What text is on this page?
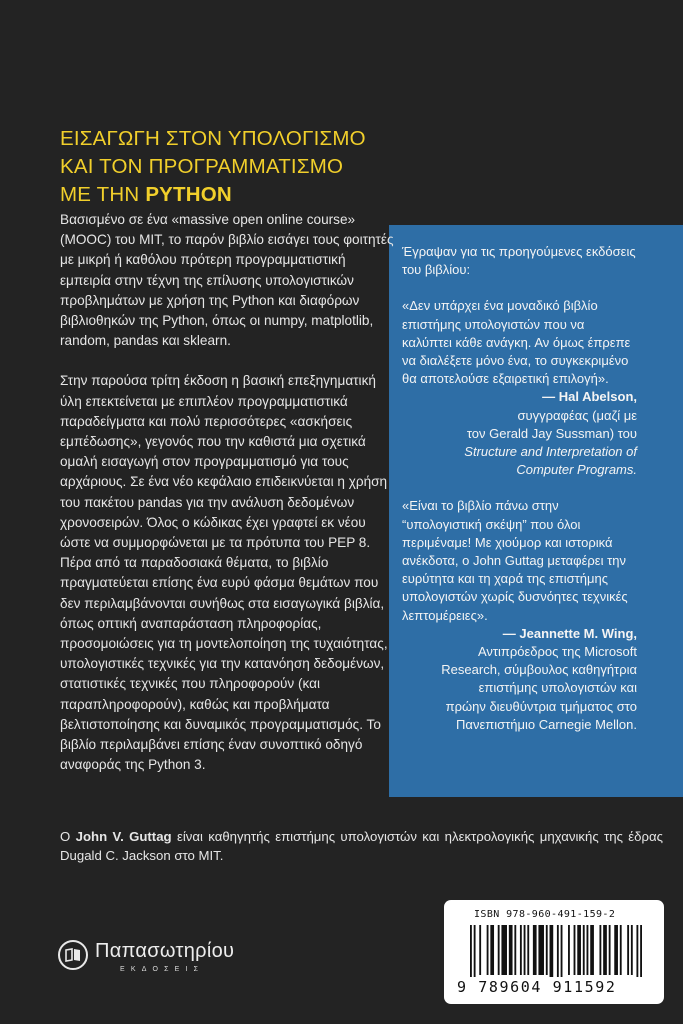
ΕΙΣΑΓΩΓΗ ΣΤΟΝ ΥΠΟΛΟΓΙΣΜΟ
ΚΑΙ ΤΟΝ ΠΡΟΓΡΑΜΜΑΤΙΣΜΟ
ΜΕ ΤΗΝ PYTHON

Έγραψαν για τις προηγούμενες εκδόσεις του βιβλίου:

«Δεν υπάρχει ένα μοναδικό βιβλίο επιστήμης υπολογιστών που να καλύπτει κάθε ανάγκη. Αν όμως έπρεπε να διαλέξετε μόνο ένα, το συγκεκριμένο θα αποτελούσε εξαιρετική επιλογή».

— Hal Abelson,
συγγραφέας (μαζί με
τον Gerald Jay Sussman) του
Structure and Interpretation of
Computer Programs.

«Είναι το βιβλίο πάνω στην “υπολογιστική σκέψη” που όλοι περιμέναμε! Με χιούμορ και ιστορικά ανέκδοτα, ο John Guttag μεταφέρει την ευρύτητα και τη χαρά της επιστήμης υπολογιστών χωρίς δυσνόητες τεχνικές λεπτομέρειες».

— Jeannette M. Wing,
Αντιπρόεδρος της Microsoft
Research, σύμβουλος καθηγήτρια
επιστήμης υπολογιστών και
πρώην διευθύντρια τμήματος στο
Πανεπιστήμιο Carnegie Mellon.

Βασισμένο σε ένα «massive open online course» (MOOC) του MIT, το παρόν βιβλίο εισάγει τους φοιτητές με μικρή ή καθόλου πρότερη προγραμματιστική εμπειρία στην τέχνη της επίλυσης υπολογιστικών προβλημάτων με χρήση της Python και διαφόρων βιβλιοθηκών της Python, όπως οι numpy, matplotlib, random, pandas και sklearn.

Στην παρούσα τρίτη έκδοση η βασική επεξηγηματική ύλη επεκτείνεται με επιπλέον προγραμματιστικά παραδείγματα και πολύ περισσότερες «ασκήσεις εμπέδωσης», γεγονός που την καθιστά μια σχετικά ομαλή εισαγωγή στον προγραμματισμό για τους αρχάριους. Σε ένα νέο κεφάλαιο επιδεικνύεται η χρήση του πακέτου pandas για την ανάλυση δεδομένων χρονοσειρών. Όλος ο κώδικας έχει γραφτεί εκ νέου ώστε να συμμορφώνεται με τα πρότυπα του PEP 8. Πέρα από τα παραδοσιακά θέματα, το βιβλίο πραγματεύεται επίσης ένα ευρύ φάσμα θεμάτων που δεν περιλαμβάνονται συνήθως στα εισαγωγικά βιβλία, όπως οπτική αναπαράσταση πληροφορίας, προσομοιώσεις για τη μοντελοποίηση της τυχαιότητας, υπολογιστικές τεχνικές για την κατανόηση δεδομένων, στατιστικές τεχνικές που πληροφορούν (και παραπληροφορούν), καθώς και προβλήματα βελτιστοποίησης και δυναμικός προγραμματισμός. Το βιβλίο περιλαμβάνει επίσης έναν συνοπτικό οδηγό αναφοράς της Python 3.

Ο John V. Guttag είναι καθηγητής επιστήμης υπολογιστών και ηλεκτρολογικής μηχανικής της έδρας Dugald C. Jackson στο MIT.
Παπασωτηρίου
ΕΚΔΟΣΕΙΣ
ISBN 978-960-491-159-2
9 789604 911592
